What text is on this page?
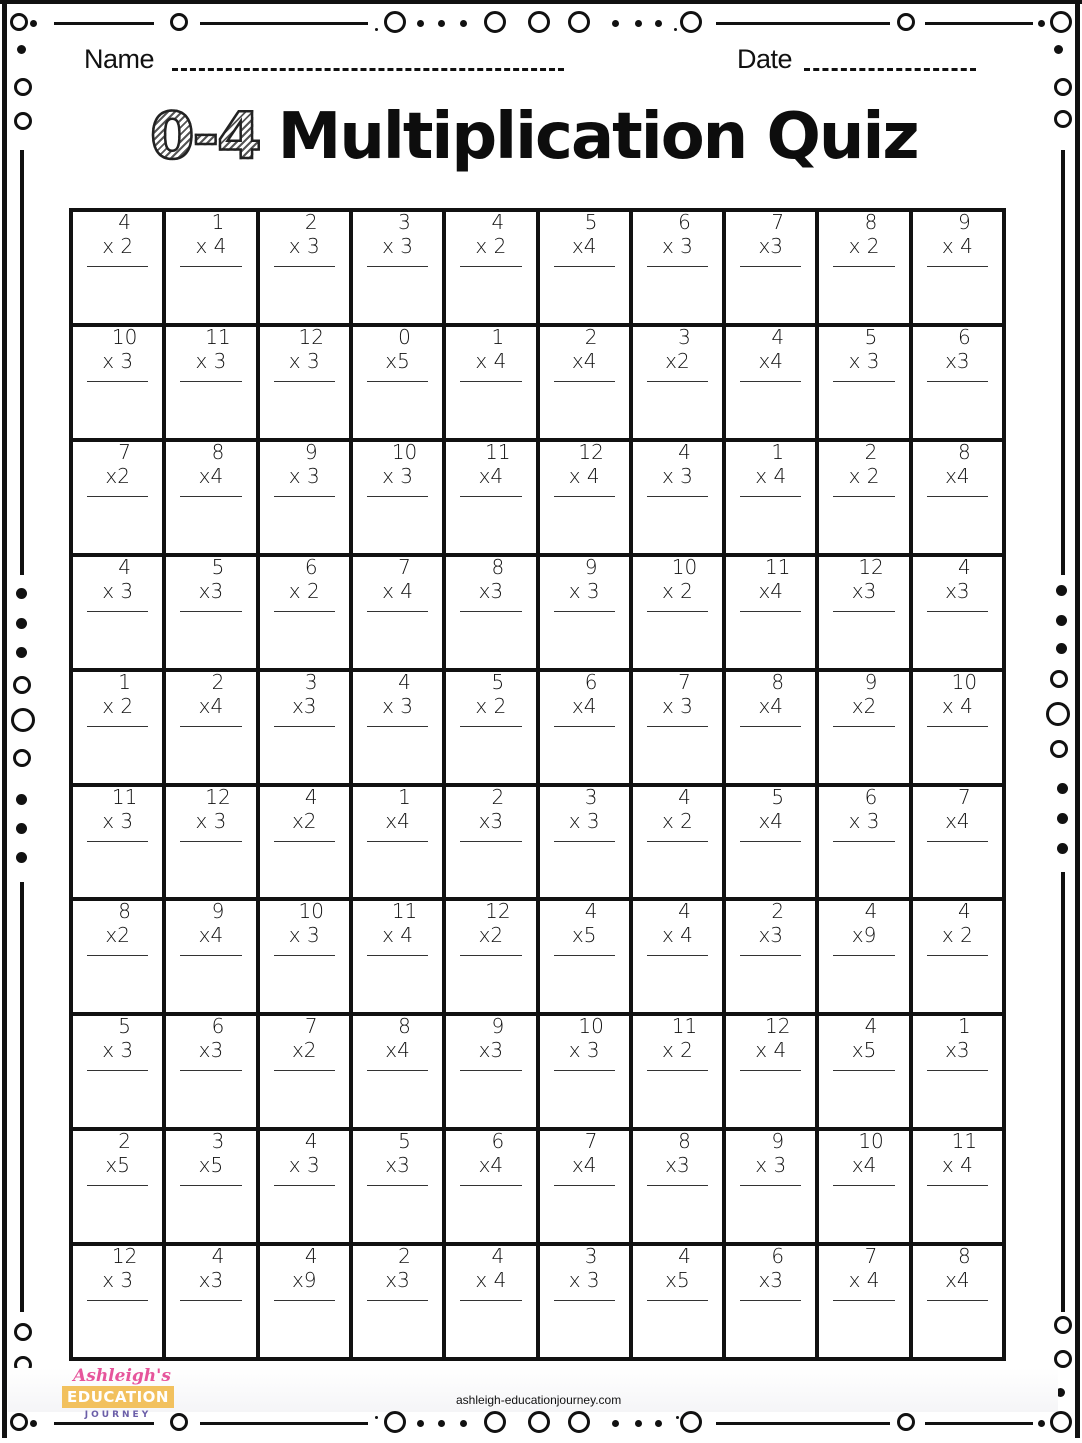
Name	Date
0-4 Multiplication Quiz
4
x 2
1
x 4
2
x 3
3
x 3
4
x 2
5
x4
6
x 3
7
x3
8
x 2
9
x 4
10
x 3
11
x 3
12
x 3
0
x5
1
x 4
2
x4
3
x2
4
x4
5
x 3
6
x3
7
x2
8
x4
9
x 3
10
x 3
11
x4
12
x 4
4
x 3
1
x 4
2
x 2
8
x4
4
x 3
5
x3
6
x 2
7
x 4
8
x3
9
x 3
10
x 2
11
x4
12
x3
4
x3
1
x 2
2
x4
3
x3
4
x 3
5
x 2
6
x4
7
x 3
8
x4
9
x2
10
x 4
11
x 3
12
x 3
4
x2
1
x4
2
x3
3
x 3
4
x 2
5
x4
6
x 3
7
x4
8
x2
9
x4
10
x 3
11
x 4
12
x2
4
x5
4
x 4
2
x3
4
x9
4
x 2
5
x 3
6
x3
7
x2
8
x4
9
x3
10
x 3
11
x 2
12
x 4
4
x5
1
x3
2
x5
3
x5
4
x 3
5
x3
6
x4
7
x4
8
x3
9
x 3
10
x4
11
x 4
12
x 3
4
x3
4
x9
2
x3
4
x 4
3
x 3
4
x5
6
x3
7
x 4
8
x4
Ashleigh's
EDUCATION
JOURNEY
ashleigh-educationjourney.com
